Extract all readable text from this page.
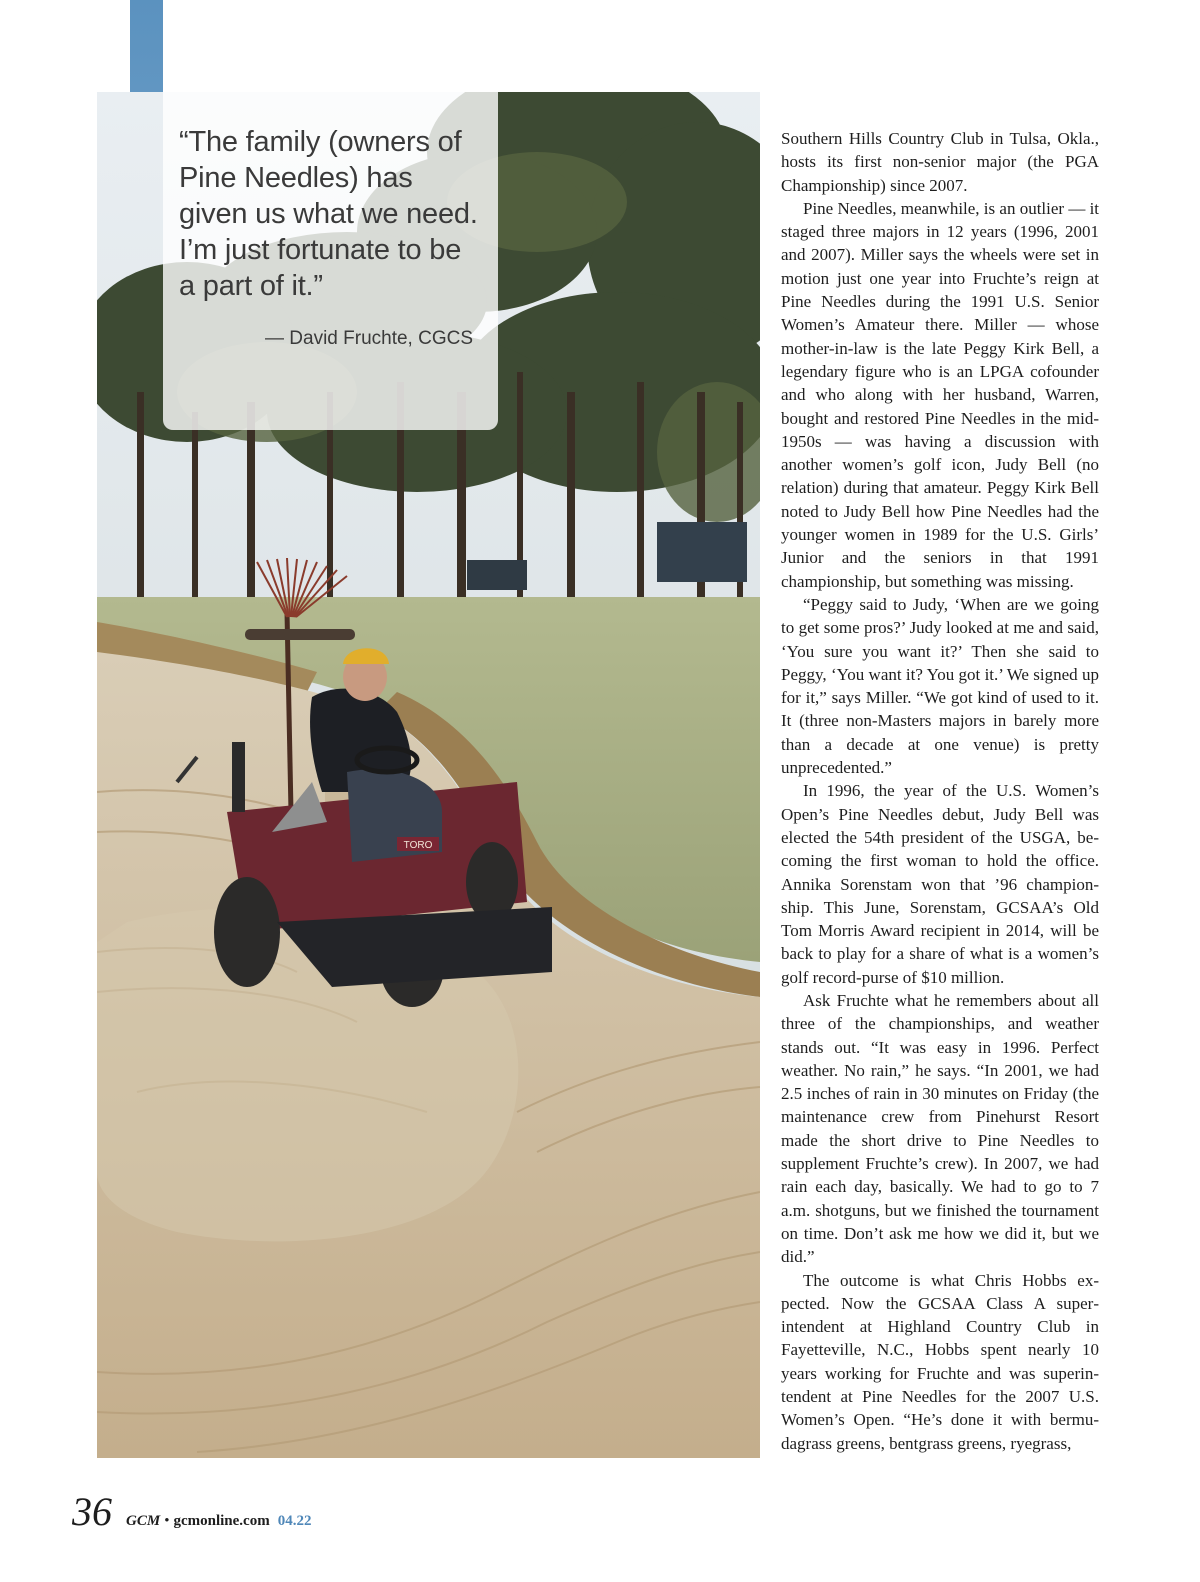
TORO
“The family (owners of Pine Needles) has given us what we need. I’m just fortunate to be a part of it.”
— David Fruchte, CGCS

Southern Hills Country Club in Tulsa, Okla., hosts its first non-senior major (the PGA Championship) since 2007.

Pine Needles, meanwhile, is an outlier — it staged three majors in 12 years (1996, 2001 and 2007). Miller says the wheels were set in motion just one year into Fruchte’s reign at Pine Needles during the 1991 U.S. Senior Women’s Amateur there. Miller — whose mother-in-law is the late Peggy Kirk Bell, a legendary figure who is an LPGA cofounder and who along with her husband, Warren, bought and restored Pine Needles in the mid-1950s — was having a discussion with another women’s golf icon, Judy Bell (no relation) during that amateur. Peggy Kirk Bell noted to Judy Bell how Pine Needles had the younger women in 1989 for the U.S. Girls’ Junior and the seniors in that 1991 championship, but something was missing.

“Peggy said to Judy, ‘When are we going to get some pros?’ Judy looked at me and said, ‘You sure you want it?’ Then she said to Peggy, ‘You want it? You got it.’ We signed up for it,” says Miller. “We got kind of used to it. It (three non-Masters majors in barely more than a decade at one venue) is pretty unprecedented.”

In 1996, the year of the U.S. Women’s Open’s Pine Needles debut, Judy Bell was elected the 54th president of the USGA, becoming the first woman to hold the office. Annika Sorenstam won that ’96 championship. This June, Sorenstam, GCSAA’s Old Tom Morris Award recipient in 2014, will be back to play for a share of what is a women’s golf record-purse of $10 million.

Ask Fruchte what he remembers about all three of the championships, and weather stands out. “It was easy in 1996. Perfect weather. No rain,” he says. “In 2001, we had 2.5 inches of rain in 30 minutes on Friday (the maintenance crew from Pinehurst Resort made the short drive to Pine Needles to supplement Fruchte’s crew). In 2007, we had rain each day, basically. We had to go to 7 a.m. shotguns, but we finished the tournament on time. Don’t ask me how we did it, but we did.”

The outcome is what Chris Hobbs expected. Now the GCSAA Class A superintendent at Highland Country Club in Fayetteville, N.C., Hobbs spent nearly 10 years working for Fruchte and was superintendent at Pine Needles for the 2007 U.S. Women’s Open. “He’s done it with bermudagrass greens, bentgrass greens, ryegrass,

36 GCM • gcmonline.com 04.22
